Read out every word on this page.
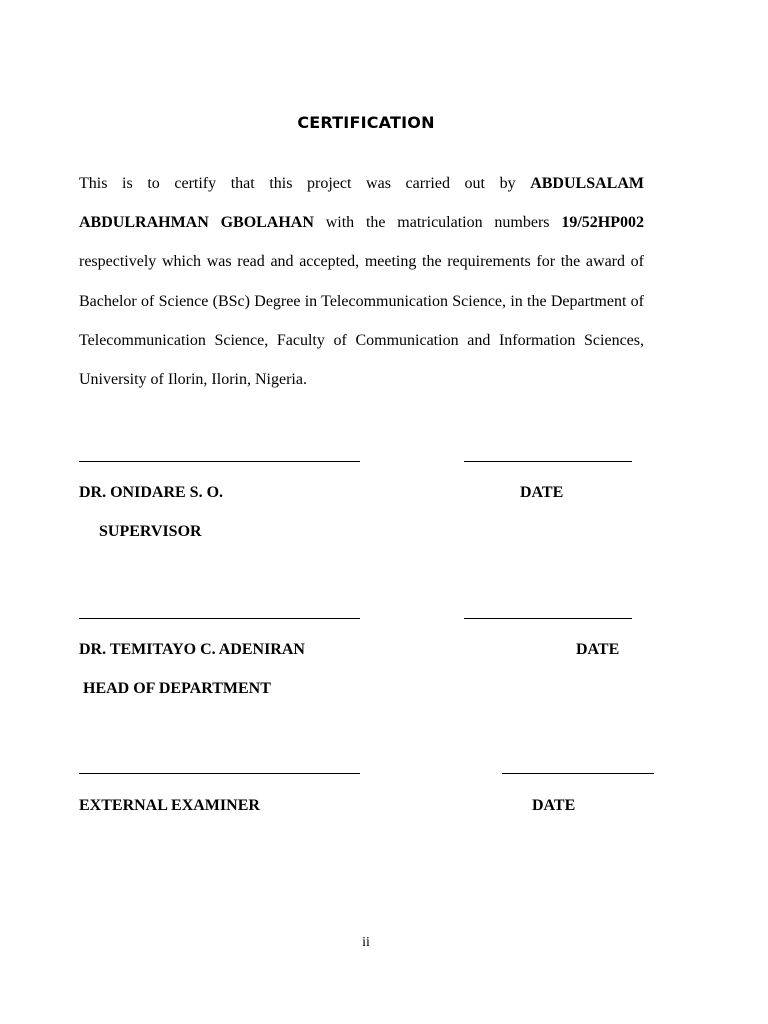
CERTIFICATION
This is to certify that this project was carried out by ABDULSALAM ABDULRAHMAN GBOLAHAN with the matriculation numbers 19/52HP002 respectively which was read and accepted, meeting the requirements for the award of Bachelor of Science (BSc) Degree in Telecommunication Science, in the Department of Telecommunication Science, Faculty of Communication and Information Sciences, University of Ilorin, Ilorin, Nigeria.
DR. ONIDARE S. O.	DATE
SUPERVISOR
DR. TEMITAYO C. ADENIRAN	DATE
HEAD OF DEPARTMENT
EXTERNAL EXAMINER	DATE
ii
